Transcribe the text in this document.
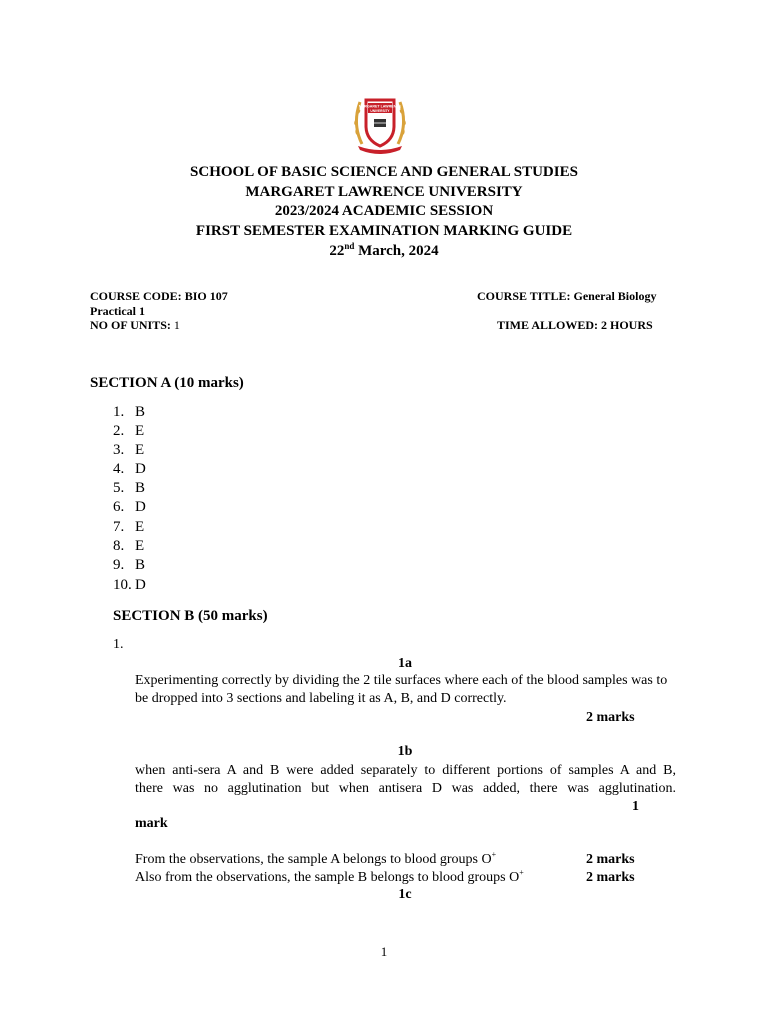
MARGARET LAWRENCE
UNIVERSITY
SCHOOL OF BASIC SCIENCE AND GENERAL STUDIES
MARGARET LAWRENCE UNIVERSITY
2023/2024 ACADEMIC SESSION
FIRST SEMESTER EXAMINATION MARKING GUIDE
22nd March, 2024
COURSE CODE: BIO 107
Practical 1
NO OF UNITS: 1
COURSE TITLE: General Biology
TIME ALLOWED: 2 HOURS
SECTION A (10 marks)
1. B
2. E
3. E
4. D
5. B
6. D
7. E
8. E
9. B
10. D
SECTION B (50 marks)
1.
1a
Experimenting correctly by dividing the 2 tile surfaces where each of the blood samples was to be dropped into 3 sections and labeling it as A, B, and D correctly.
2 marks
1b
when anti-sera A and B were added separately to different portions of samples A and B,
there was no agglutination but when antisera D was added, there was agglutination.
1
mark
From the observations, the sample A belongs to blood groups O+	2 marks
Also from the observations, the sample B belongs to blood groups O+	2 marks
1c
1
